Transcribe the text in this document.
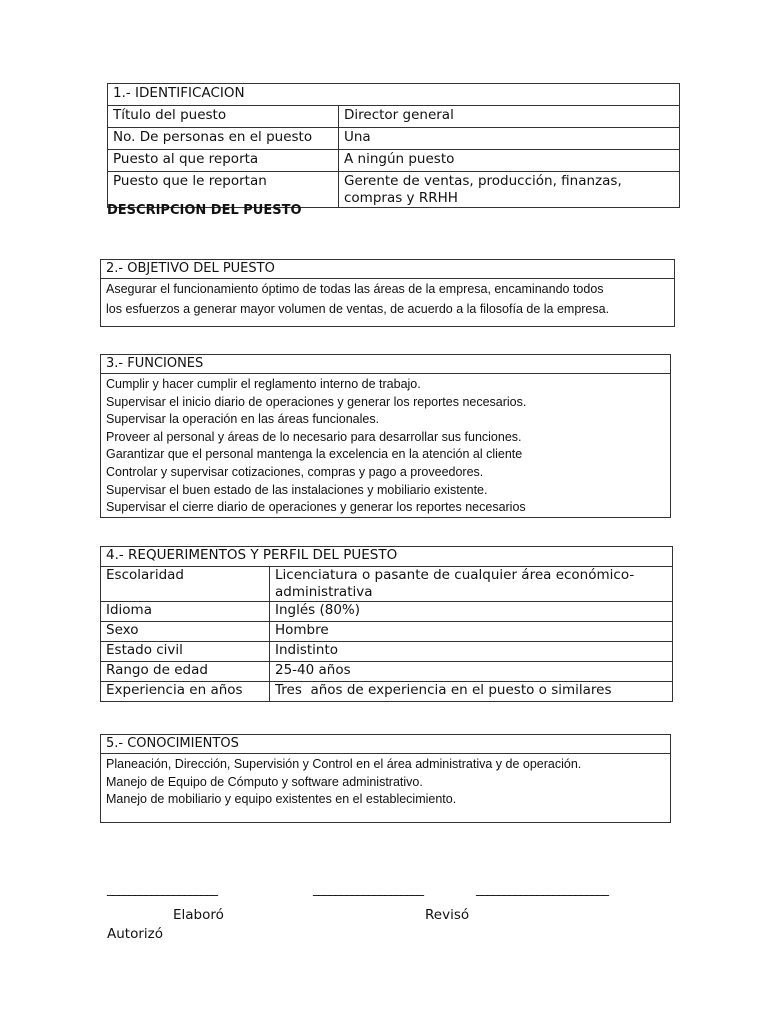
1.- IDENTIFICACION	
Título del puesto	Director general
No. De personas en el puesto	Una
Puesto al que reporta	A ningún puesto
Puesto que le reportan	Gerente de ventas, producción, finanzas, compras y RRHH
DESCRIPCION DEL PUESTO
2.- OBJETIVO DEL PUESTO
Asegurar el funcionamiento óptimo de todas las áreas de la empresa, encaminando todos
los esfuerzos a generar mayor volumen de ventas, de acuerdo a la filosofía de la empresa.
3.- FUNCIONES
Cumplir y hacer cumplir el reglamento interno de trabajo.
Supervisar el inicio diario de operaciones y generar los reportes necesarios.
Supervisar la operación en las áreas funcionales.
Proveer al personal y áreas de lo necesario para desarrollar sus funciones.
Garantizar que el personal mantenga la excelencia en la atención al cliente
Controlar y supervisar cotizaciones, compras y pago a proveedores.
Supervisar el buen estado de las instalaciones y mobiliario existente.
Supervisar el cierre diario de operaciones y generar los reportes necesarios
4.- REQUERIMENTOS Y PERFIL DEL PUESTO	
Escolaridad	Licenciatura o pasante de cualquier área económico-administrativa
Idioma	Inglés (80%)
Sexo	Hombre
Estado civil	Indistinto
Rango de edad	25-40 años
Experiencia en años	Tres  años de experiencia en el puesto o similares
5.- CONOCIMIENTOS
Planeación, Dirección, Supervisión y Control en el área administrativa y de operación.
Manejo de Equipo de Cómputo y software administrativo.
Manejo de mobiliario y equipo existentes en el establecimiento.
____________________	____________________	________________________
Elaboró	Revisó
Autorizó
